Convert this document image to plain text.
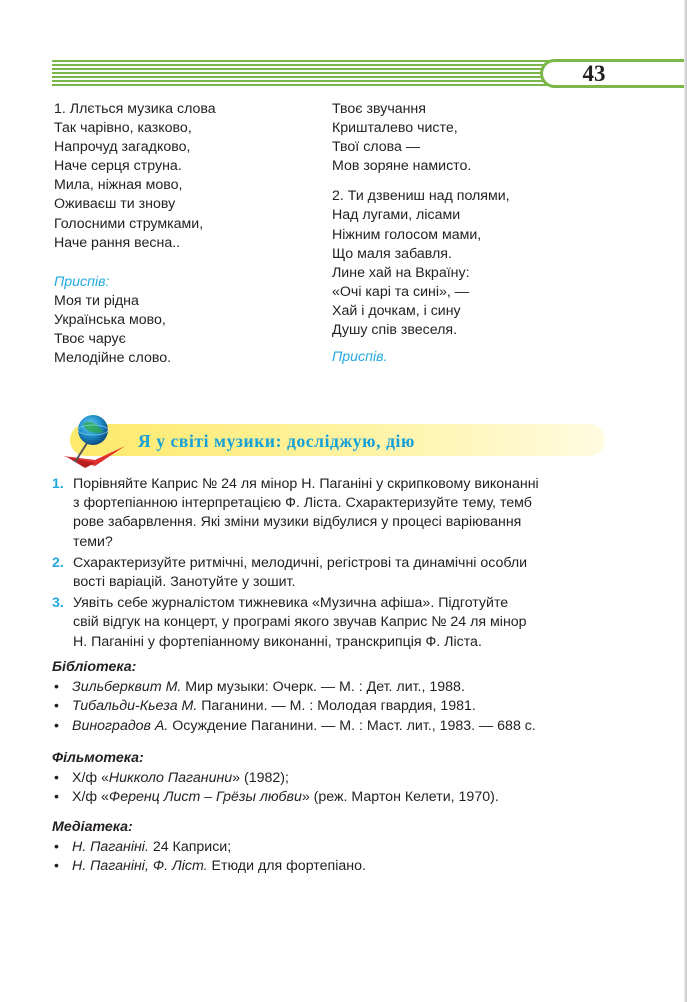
43
1. Ллється музика слова
Так чарівно, казково,
Напрочуд загадково,
Наче серця струна.
Мила, ніжная мово,
Оживаєш ти знову
Голосними струмками,
Наче рання весна..
Приспів:
Моя ти рідна
Українська мово,
Твоє чарує
Мелодійне слово.
Твоє звучання
Кришталево чисте,
Твої слова —
Мов зоряне намисто.
2. Ти дзвениш над полями,
Над лугами, лісами
Ніжним голосом мами,
Що маля забавля.
Лине хай на Вкраїну:
«Очі карі та сині», —
Хай і дочкам, і сину
Душу спів звеселя.
Приспів.
Я у світі музики: досліджую, дію
1. Порівняйте Каприс № 24 ля мінор Н. Паганіні у скрипковому виконанні
з фортепіанною інтерпретацією Ф. Ліста. Схарактеризуйте тему, темб
рове забарвлення. Які зміни музики відбулися у процесі варіювання
теми?
2. Схарактеризуйте ритмічні, мелодичні, регістрові та динамічні особли
вості варіацій. Занотуйте у зошит.
3. Уявіть себе журналістом тижневика «Музична афіша». Підготуйте
свій відгук на концерт, у програмі якого звучав Каприс № 24 ля мінор
Н. Паганіні у фортепіанному виконанні, транскрипція Ф. Ліста.
Бібліотека:
• Зильберквит М. Мир музыки: Очерк. — М. : Дет. лит., 1988.
• Тибальди-Кьеза М. Паганини. — М. : Молодая гвардия, 1981.
• Виноградов А. Осуждение Паганини. — М. : Маст. лит., 1983. — 688 с.
Фільмотека:
• Х/ф «Никколо Паганини» (1982);
• Х/ф «Ференц Лист – Грёзы любви» (реж. Мартон Келети, 1970).
Медіатека:
• Н. Паганіні. 24 Каприси;
• Н. Паганіні, Ф. Ліст. Етюди для фортепіано.
